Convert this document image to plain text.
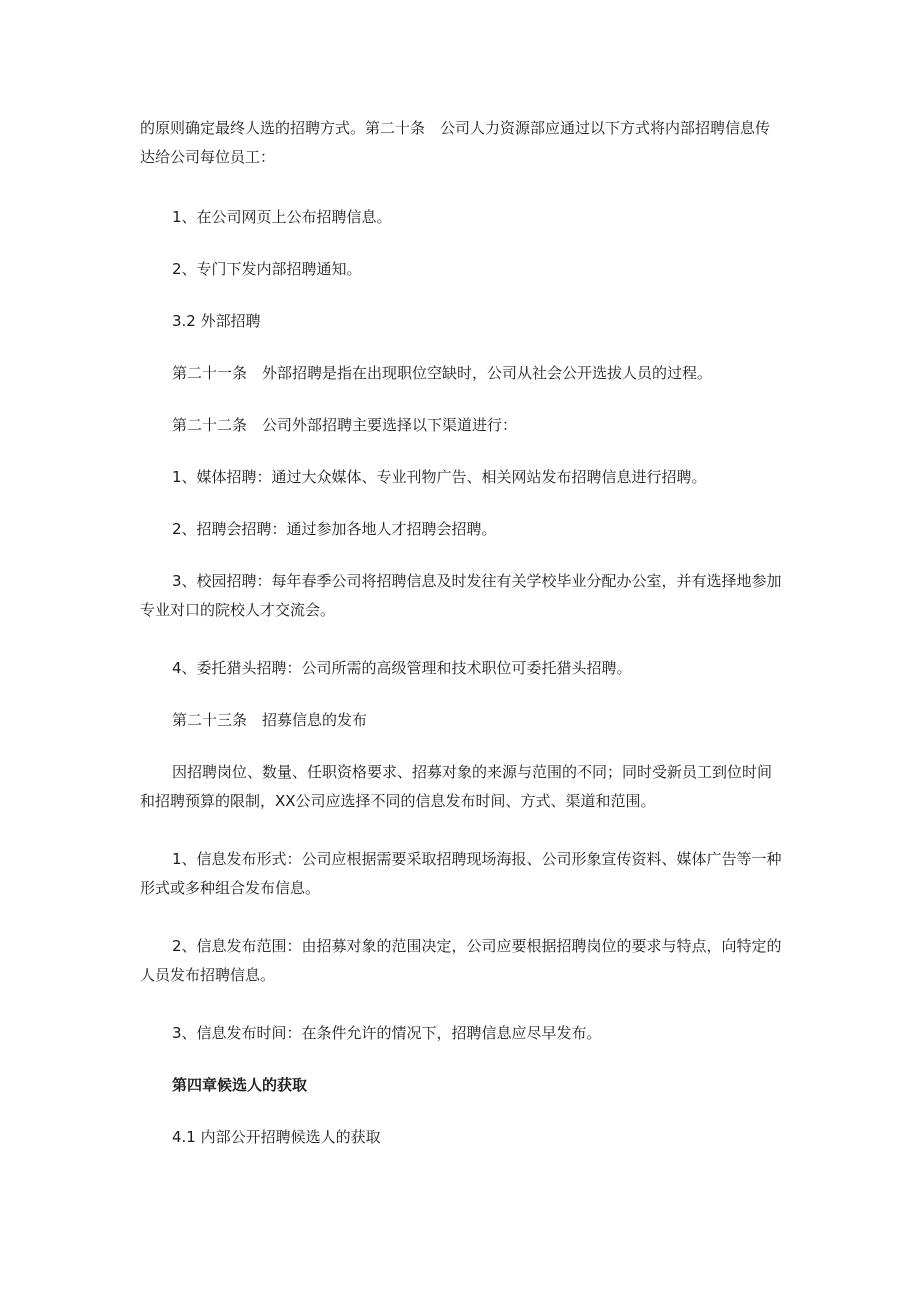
的原则确定最终人选的招聘方式。第二十条　公司人力资源部应通过以下方式将内部招聘信息传达给公司每位员工：

1、在公司网页上公布招聘信息。

2、专门下发内部招聘通知。

3.2 外部招聘

第二十一条　外部招聘是指在出现职位空缺时，公司从社会公开选拔人员的过程。

第二十二条　公司外部招聘主要选择以下渠道进行：

1、媒体招聘：通过大众媒体、专业刊物广告、相关网站发布招聘信息进行招聘。

2、招聘会招聘：通过参加各地人才招聘会招聘。

3、校园招聘：每年春季公司将招聘信息及时发往有关学校毕业分配办公室，并有选择地参加专业对口的院校人才交流会。

4、委托猎头招聘：公司所需的高级管理和技术职位可委托猎头招聘。

第二十三条　招募信息的发布

因招聘岗位、数量、任职资格要求、招募对象的来源与范围的不同；同时受新员工到位时间和招聘预算的限制，XX公司应选择不同的信息发布时间、方式、渠道和范围。

1、信息发布形式：公司应根据需要采取招聘现场海报、公司形象宣传资料、媒体广告等一种形式或多种组合发布信息。

2、信息发布范围：由招募对象的范围决定，公司应要根据招聘岗位的要求与特点，向特定的人员发布招聘信息。

3、信息发布时间：在条件允许的情况下，招聘信息应尽早发布。

第四章候选人的获取

4.1 内部公开招聘候选人的获取
